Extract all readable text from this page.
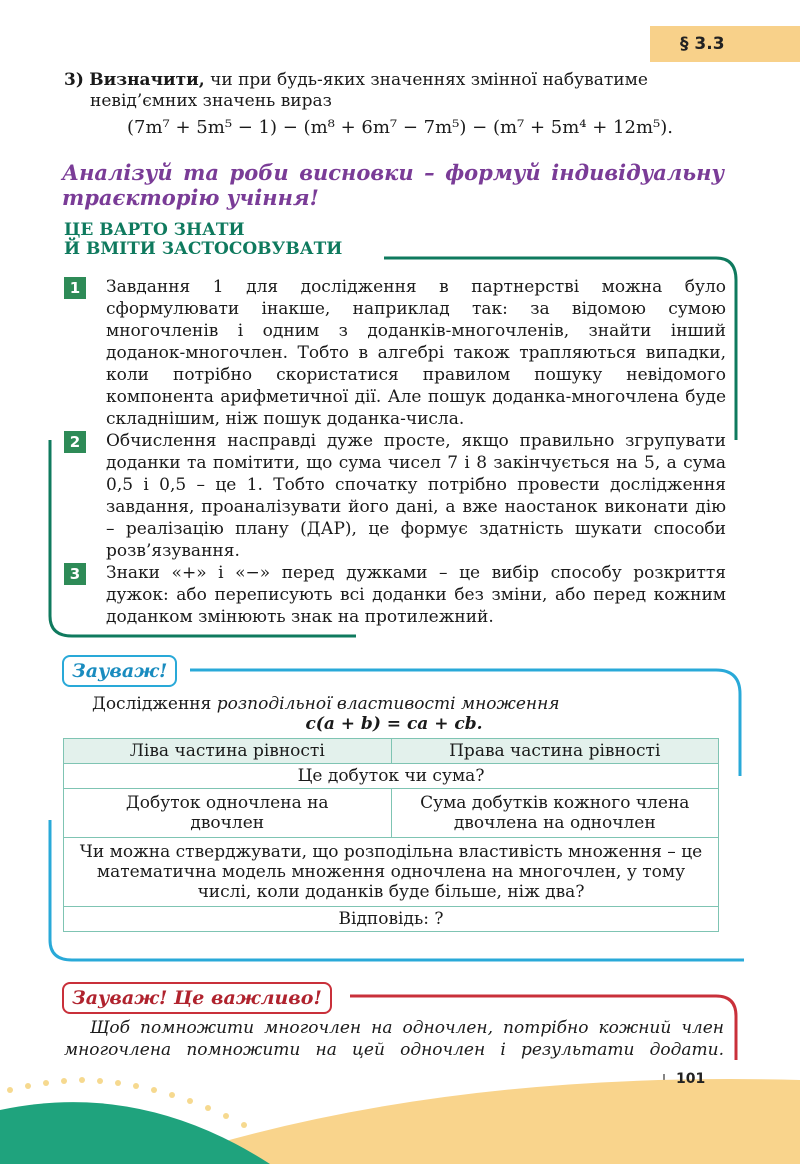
§ 3.3
3) Визначити, чи при будь-яких значеннях змінної набуватиме
невід’ємних значень вираз
(7m⁷ + 5m⁵ − 1) − (m⁸ + 6m⁷ − 7m⁵) − (m⁷ + 5m⁴ + 12m⁵).
Аналізуй та роби висновки – формуй індивідуальну траєкторію учіння!
ЦЕ ВАРТО ЗНАТИ
Й ВМІТИ ЗАСТОСОВУВАТИ
1	Завдання 1 для дослідження в партнерстві можна було сформулювати інакше, наприклад так: за відомою сумою многочленів і одним з доданків-многочленів, знайти інший доданок-многочлен. Тобто в алгебрі також трапляються випадки, коли потрібно скористатися правилом пошуку невідомого компонента арифметичної дії. Але пошук доданка-многочлена буде складнішим, ніж пошук доданка-числа.
2	Обчислення насправді дуже просте, якщо правильно згрупувати доданки та помітити, що сума чисел 7 і 8 закінчується на 5, а сума 0,5 і 0,5 – це 1. Тобто спочатку потрібно провести дослідження завдання, проаналізувати його дані, а вже наостанок виконати дію – реалізацію плану (ДАР), це формує здатність шукати способи розв’язування.
3	Знаки «+» і «−» перед дужками – це вибір способу розкриття дужок: або переписують всі доданки без зміни, або перед кожним доданком змінюють знак на протилежний.
Зауваж!
Дослідження розподільної властивості множення
c(a + b) = ca + cb.
Ліва частина рівності	Права частина рівності
Це добуток чи сума?	
Добуток одночлена на двочлен	Сума добутків кожного члена двочлена на одночлен
Чи можна стверджувати, що розподільна властивість множення – це математична модель множення одночлена на многочлен, у тому числі, коли доданків буде більше, ніж два?	
Відповідь: ?	
Зауваж! Це важливо!
Щоб помножити многочлен на одночлен, потрібно кожний член многочлена помножити на цей одночлен і результати додати.
101
